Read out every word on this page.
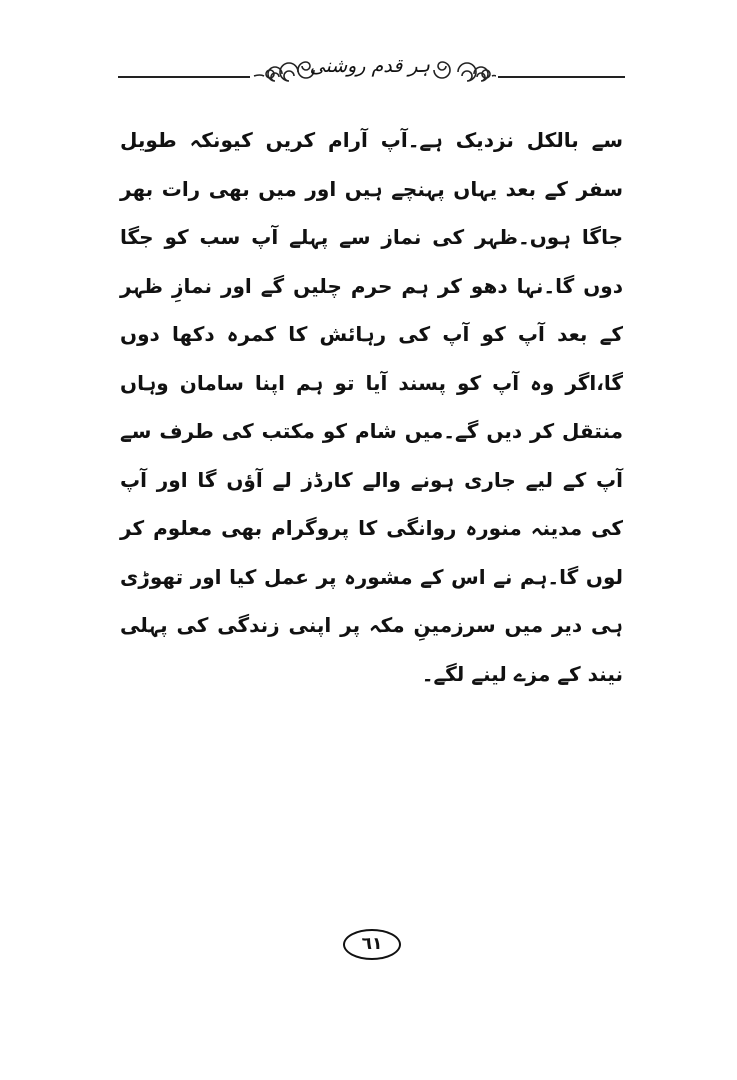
ہر قدم روشنی

سے بالکل نزدیک ہے۔آپ آرام کریں کیونکہ طویل سفر کے بعد یہاں پہنچے ہیں اور میں بھی رات بھر جاگا ہوں۔ظہر کی نماز سے پہلے آپ سب کو جگا دوں گا۔نہا دھو کر ہم حرم چلیں گے اور نمازِ ظہر کے بعد آپ کو آپ کی رہائش کا کمرہ دکھا دوں گا،اگر وہ آپ کو پسند آیا تو ہم اپنا سامان وہاں منتقل کر دیں گے۔میں شام کو مکتب کی طرف سے آپ کے لیے جاری ہونے والے کارڈز لے آؤں گا اور آپ کی مدینہ منورہ روانگی کا پروگرام بھی معلوم کر لوں گا۔ہم نے اس کے مشورہ پر عمل کیا اور تھوڑی ہی دیر میں سرزمینِ مکہ پر اپنی زندگی کی پہلی نیند کے مزے لینے لگے۔

٦١
